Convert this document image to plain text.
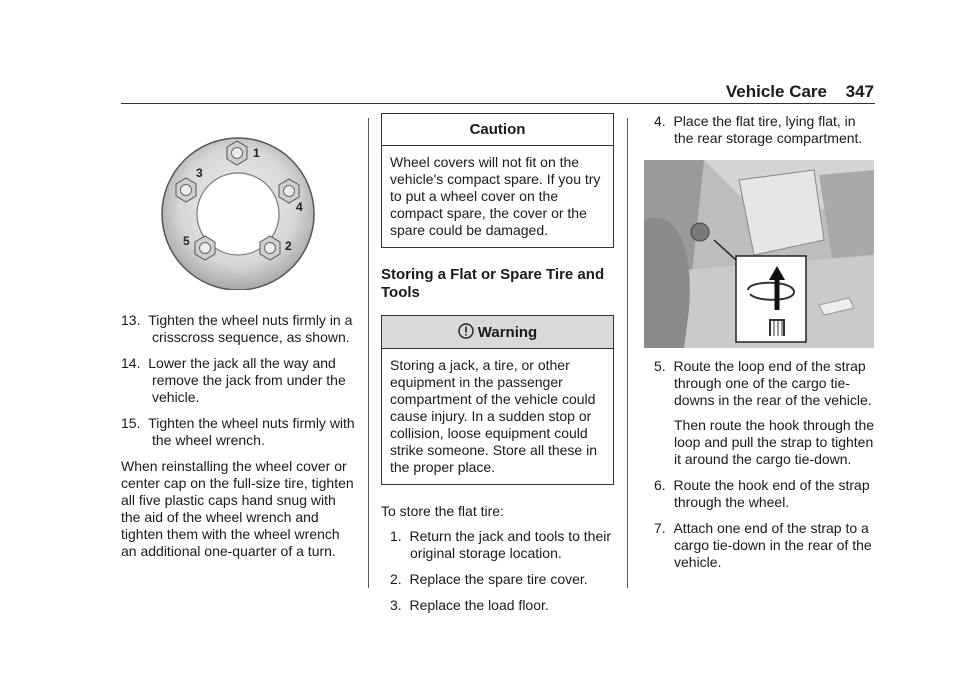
Vehicle Care 347
1
2
3
4
5

13. Tighten the wheel nuts firmly in a crisscross sequence, as shown.

14. Lower the jack all the way and remove the jack from under the vehicle.

15. Tighten the wheel nuts firmly with the wheel wrench.

When reinstalling the wheel cover or center cap on the full-size tire, tighten all five plastic caps hand snug with the aid of the wheel wrench and tighten them with the wheel wrench an additional one-quarter of a turn.

Caution
Wheel covers will not fit on the vehicle's compact spare. If you try to put a wheel cover on the compact spare, the cover or the spare could be damaged.
Storing a Flat or Spare Tire and Tools
Warning
Storing a jack, a tire, or other equipment in the passenger compartment of the vehicle could cause injury. In a sudden stop or collision, loose equipment could strike someone. Store all these in the proper place.

To store the flat tire:

1. Return the jack and tools to their original storage location.

2. Replace the spare tire cover.

3. Replace the load floor.

4. Place the flat tire, lying flat, in the rear storage compartment.

5. Route the loop end of the strap through one of the cargo tie-downs in the rear of the vehicle.

Then route the hook through the loop and pull the strap to tighten it around the cargo tie-down.

6. Route the hook end of the strap through the wheel.

7. Attach one end of the strap to a cargo tie-down in the rear of the vehicle.
